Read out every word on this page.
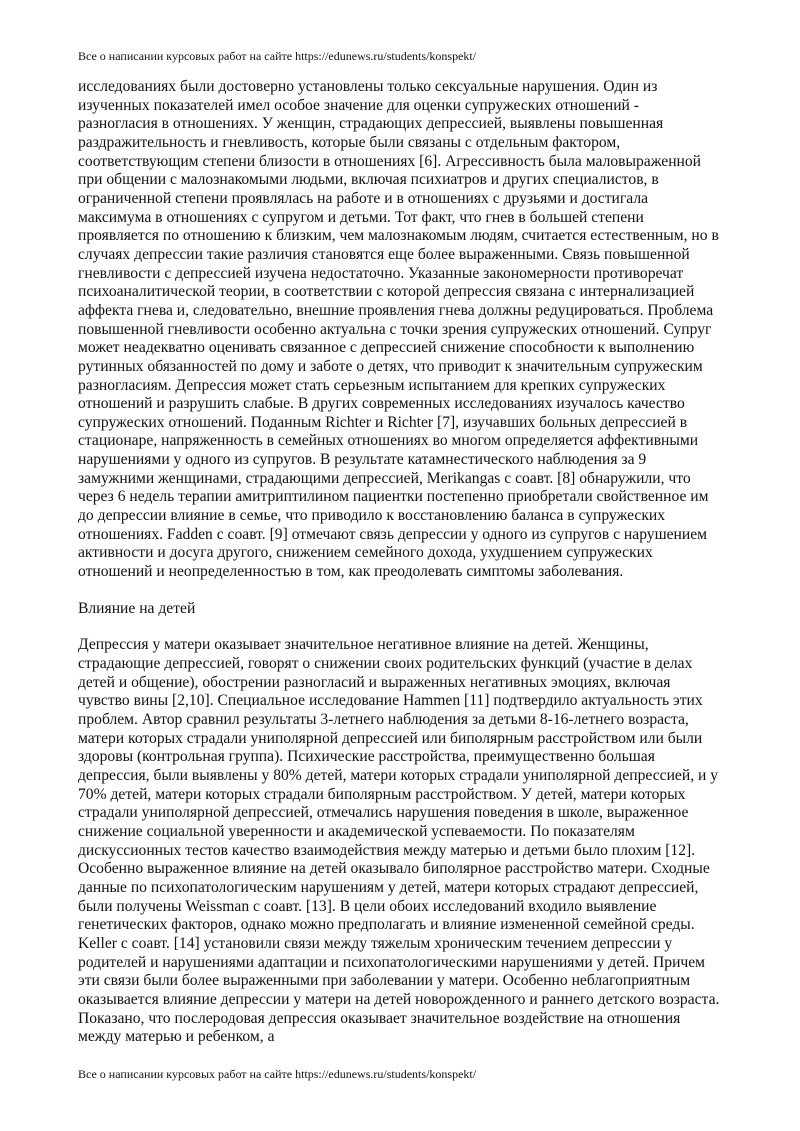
Все о написании курсовых работ на сайте https://edunews.ru/students/konspekt/

исследованиях были достоверно установлены только сексуальные нарушения. Один из изученных показателей имел особое значение для оценки супружеских отношений - разногласия в отношениях. У женщин, страдающих депрессией, выявлены повышенная раздражительность и гневливость, которые были связаны с отдельным фактором, соответствующим степени близости в отношениях [6]. Агрессивность была маловыраженной при общении с малознакомыми людьми, включая психиатров и других специалистов, в ограниченной степени проявлялась на работе и в отношениях с друзьями и достигала максимума в отношениях с супругом и детьми. Тот факт, что гнев в большей степени проявляется по отношению к близким, чем малознакомым людям, считается естественным, но в случаях депрессии такие различия становятся еще более выраженными. Связь повышенной гневливости с депрессией изучена недостаточно. Указанные закономерности противоречат психоаналитической теории, в соответствии с которой депрессия связана с интернализацией аффекта гнева и, следовательно, внешние проявления гнева должны редуцироваться. Проблема повышенной гневливости особенно актуальна с точки зрения супружеских отношений. Супруг может неадекватно оценивать связанное с депрессией снижение способности к выполнению рутинных обязанностей по дому и заботе о детях, что приводит к значительным супружеским разногласиям. Депрессия может стать серьезным испытанием для крепких супружеских отношений и разрушить слабые. В других современных исследованиях изучалось качество супружеских отношений. Поданным Richter и Richter [7], изучавших больных депрессией в стационаре, напряженность в семейных отношениях во многом определяется аффективными нарушениями у одного из супругов. В результате катамнестического наблюдения за 9 замужними женщинами, страдающими депрессией, Merikangas с соавт. [8] обнаружили, что через 6 недель терапии амитриптилином пациентки постепенно приобретали свойственное им до депрессии влияние в семье, что приводило к восстановлению баланса в супружеских отношениях. Fadden с соавт. [9] отмечают связь депрессии у одного из супругов с нарушением активности и досуга другого, снижением семейного дохода, ухудшением супружеских отношений и неопределенностью в том, как преодолевать симптомы заболевания.

Влияние на детей

Депрессия у матери оказывает значительное негативное влияние на детей. Женщины, страдающие депрессией, говорят о снижении своих родительских функций (участие в делах детей и общение), обострении разногласий и выраженных негативных эмоциях, включая чувство вины [2,10]. Специальное исследование Hammen [11] подтвердило актуальность этих проблем. Автор сравнил результаты 3-летнего наблюдения за детьми 8-16-летнего возраста, матери которых страдали униполярной депрессией или биполярным расстройством или были здоровы (контрольная группа). Психические расстройства, преимущественно большая депрессия, были выявлены у 80% детей, матери которых страдали униполярной депрессией, и у 70% детей, матери которых страдали биполярным расстройством. У детей, матери которых страдали униполярной депрессией, отмечались нарушения поведения в школе, выраженное снижение социальной уверенности и академической успеваемости. По показателям дискуссионных тестов качество взаимодействия между матерью и детьми было плохим [12]. Особенно выраженное влияние на детей оказывало биполярное расстройство матери. Сходные данные по психопатологическим нарушениям у детей, матери которых страдают депрессией, были получены Weissman с соавт. [13]. В цели обоих исследований входило выявление генетических факторов, однако можно предполагать и влияние измененной семейной среды. Keller с соавт. [14] установили связи между тяжелым хроническим течением депрессии у родителей и нарушениями адаптации и психопатологическими нарушениями у детей. Причем эти связи были более выраженными при заболевании у матери. Особенно неблагоприятным оказывается влияние депрессии у матери на детей новорожденного и раннего детского возраста. Показано, что послеродовая депрессия оказывает значительное воздействие на отношения между матерью и ребенком, а

Все о написании курсовых работ на сайте https://edunews.ru/students/konspekt/
